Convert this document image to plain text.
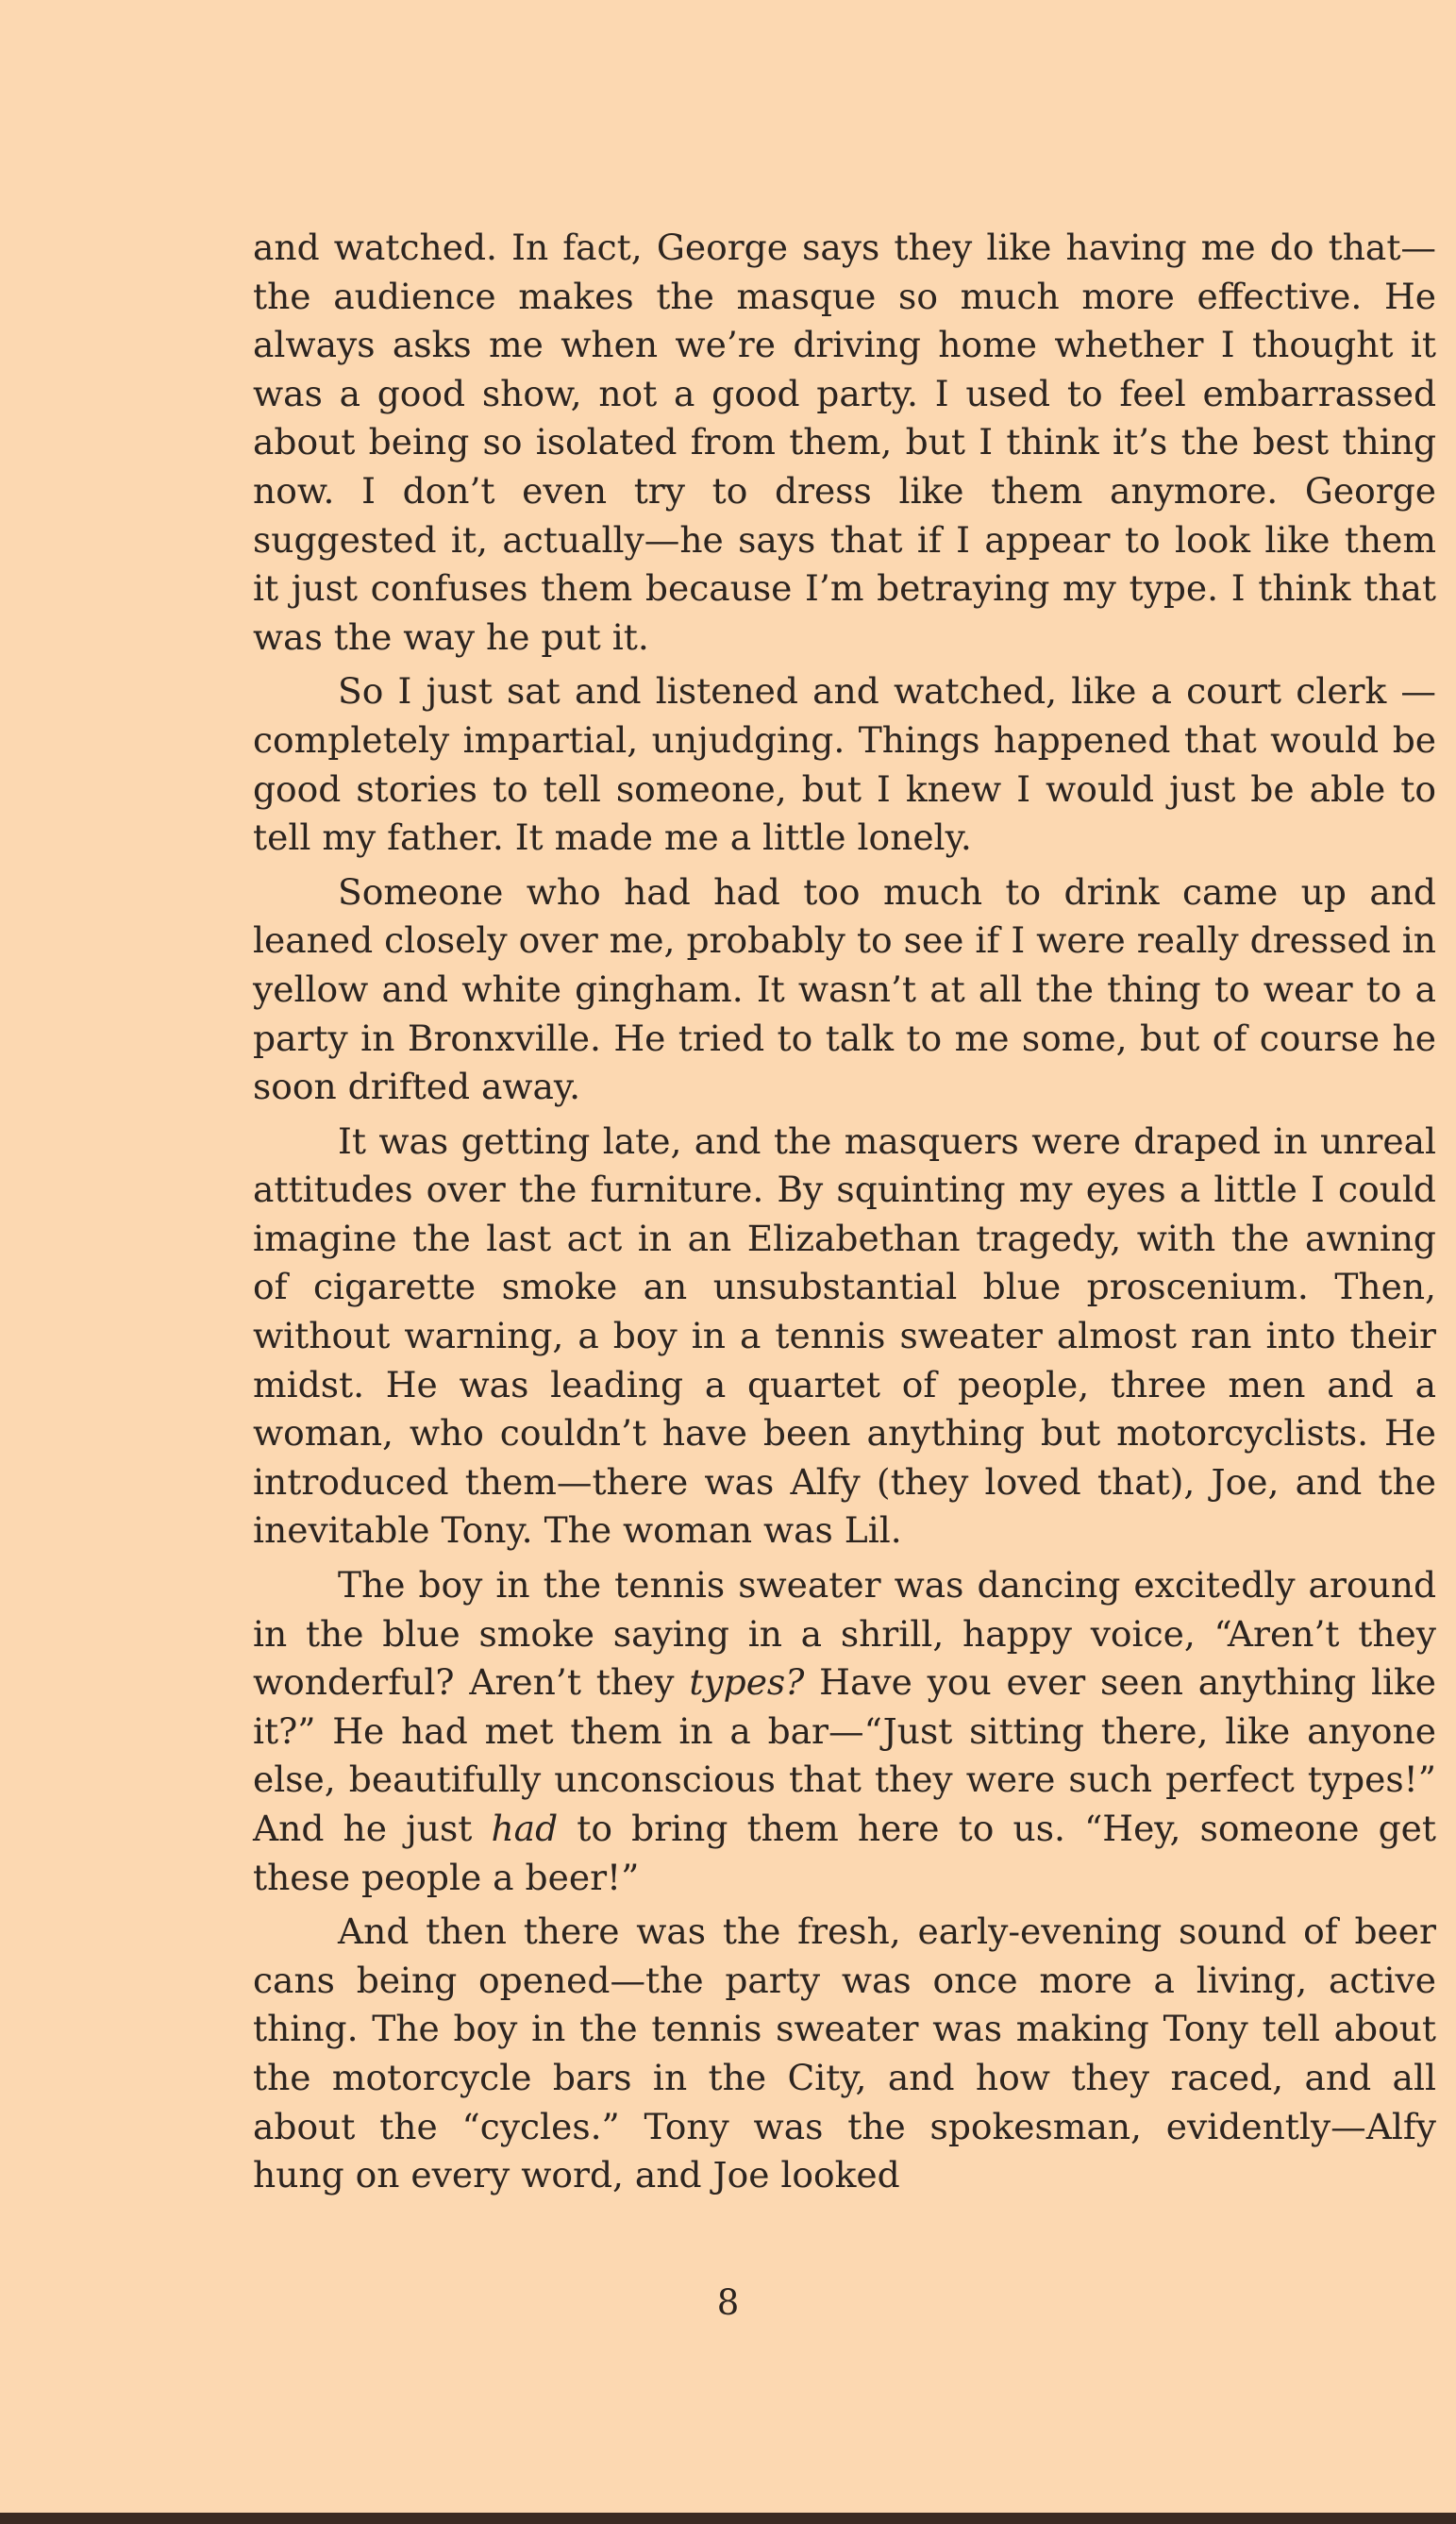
and watched. In fact, George says they like having me do that—the audience makes the masque so much more effective. He always asks me when we’re driving home whether I thought it was a good show, not a good party. I used to feel embarrassed about being so isolated from them, but I think it’s the best thing now. I don’t even try to dress like them anymore. George suggested it, actually—he says that if I appear to look like them it just confuses them because I’m betraying my type. I think that was the way he put it.

So I just sat and listened and watched, like a court clerk —completely impartial, unjudging. Things happened that would be good stories to tell someone, but I knew I would just be able to tell my father. It made me a little lonely.

Someone who had had too much to drink came up and leaned closely over me, probably to see if I were really dressed in yellow and white gingham. It wasn’t at all the thing to wear to a party in Bronxville. He tried to talk to me some, but of course he soon drifted away.

It was getting late, and the masquers were draped in unreal attitudes over the furniture. By squinting my eyes a little I could imagine the last act in an Elizabethan tragedy, with the awning of cigarette smoke an unsubstantial blue proscenium. Then, without warning, a boy in a tennis sweater almost ran into their midst. He was leading a quartet of people, three men and a woman, who couldn’t have been anything but motorcyclists. He introduced them—there was Alfy (they loved that), Joe, and the inevitable Tony. The woman was Lil.

The boy in the tennis sweater was dancing excitedly around in the blue smoke saying in a shrill, happy voice, “Aren’t they wonderful? Aren’t they types? Have you ever seen anything like it?” He had met them in a bar—“Just sitting there, like anyone else, beautifully unconscious that they were such perfect types!” And he just had to bring them here to us. “Hey, someone get these people a beer!”

And then there was the fresh, early-evening sound of beer cans being opened—the party was once more a living, active thing. The boy in the tennis sweater was making Tony tell about the motorcycle bars in the City, and how they raced, and all about the “cycles.” Tony was the spokesman, evidently—Alfy hung on every word, and Joe looked

8
